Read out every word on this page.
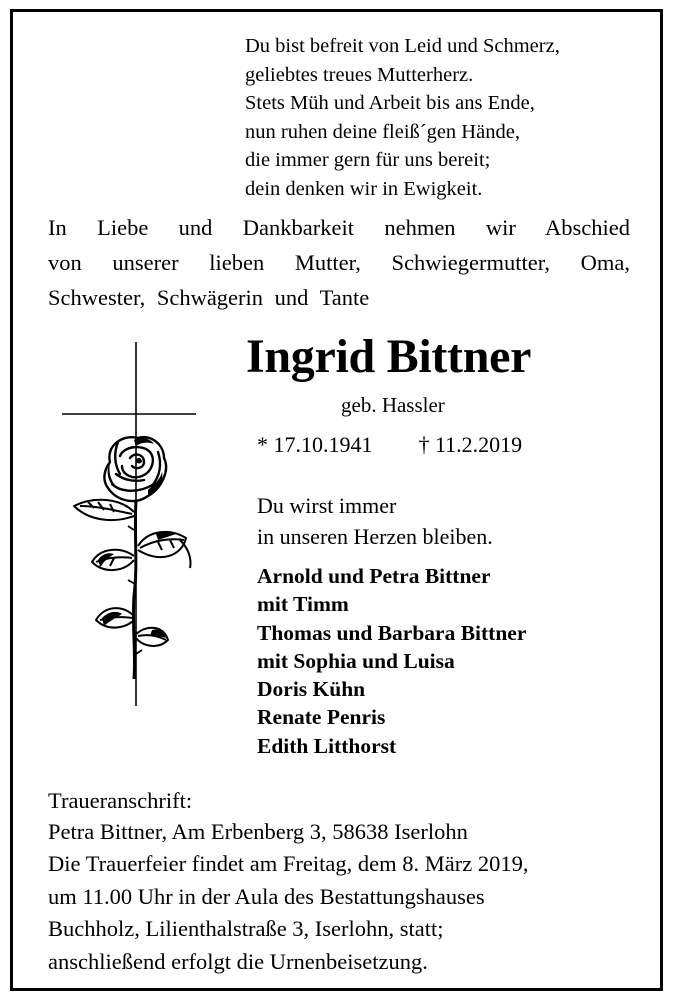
Du bist befreit von Leid und Schmerz,
geliebtes treues Mutterherz.
Stets Müh und Arbeit bis ans Ende,
nun ruhen deine fleiß´gen Hände,
die immer gern für uns bereit;
dein denken wir in Ewigkeit.
In Liebe und Dankbarkeit nehmen wir Abschied
von unserer lieben Mutter, Schwiegermutter, Oma,
Schwester, Schwägerin und Tante
Ingrid Bittner
geb. Hassler
* 17.10.1941 † 11.2.2019
Du wirst immer
in unseren Herzen bleiben.
Arnold und Petra Bittner
mit Timm
Thomas und Barbara Bittner
mit Sophia und Luisa
Doris Kühn
Renate Penris
Edith Litthorst
Traueranschrift:
Petra Bittner, Am Erbenberg 3, 58638 Iserlohn
Die Trauerfeier findet am Freitag, dem 8. März 2019,
um 11.00 Uhr in der Aula des Bestattungshauses
Buchholz, Lilienthalstraße 3, Iserlohn, statt;
anschließend erfolgt die Urnenbeisetzung.
